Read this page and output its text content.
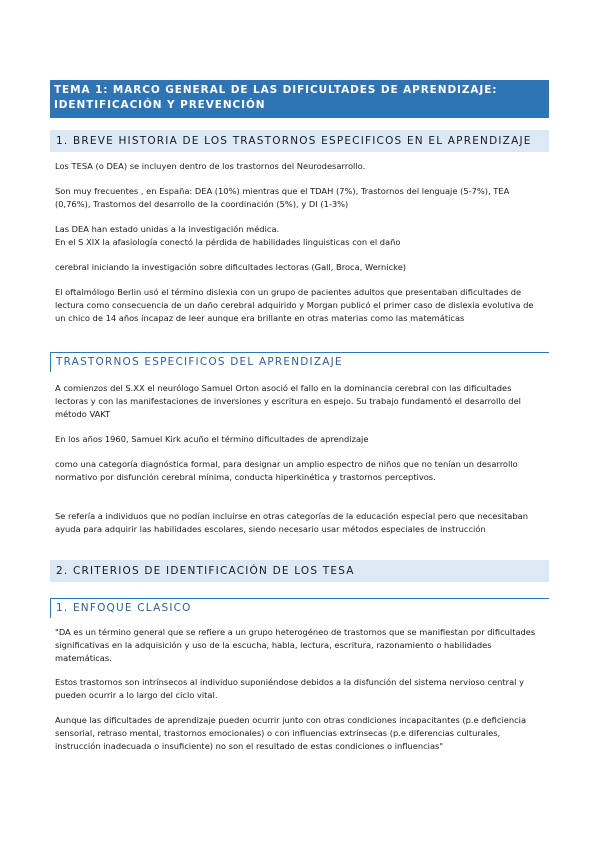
TEMA 1: MARCO GENERAL DE LAS DIFICULTADES DE APRENDIZAJE: IDENTIFICACIÓN Y PREVENCIÓN
1. BREVE HISTORIA DE LOS TRASTORNOS ESPECIFICOS EN EL APRENDIZAJE

Los TESA (o DEA) se incluyen dentro de los trastornos del Neurodesarrollo.

Son muy frecuentes , en España: DEA (10%) mientras que el TDAH (7%), Trastornos del lenguaje (5-7%), TEA (0,76%), Trastornos del desarrollo de la coordinación (5%), y DI (1-3%)

Las DEA han estado unidas a la investigación médica.

En el S XIX la afasiología conectó la pérdida de habilidades linguisticas con el daño

cerebral iniciando la investigación sobre dificultades lectoras (Gall, Broca, Wernicke)

El oftalmólogo Berlin usó el término dislexia con un grupo de pacientes adultos que presentaban dificultades de lectura como consecuencia de un daño cerebral adquirido y Morgan publicó el primer caso de dislexia evolutiva de un chico de 14 años incapaz de leer aunque era brillante en otras materias como las matemáticas

TRASTORNOS ESPECIFICOS DEL APRENDIZAJE

A comienzos del S.XX el neurólogo Samuel Orton asoció el fallo en la dominancia cerebral con las dificultades lectoras y con las manifestaciones de inversiones y escritura en espejo. Su trabajo fundamentó el desarrollo del método VAKT

En los años 1960, Samuel Kirk acuño el término dificultades de aprendizaje

como una categoría diagnóstica formal, para designar un amplio espectro de niños que no tenían un desarrollo normativo por disfunción cerebral mínima, conducta hiperkinética y trastornos perceptivos.

Se refería a individuos que no podían incluirse en otras categorías de la educación especial pero que necesitaban ayuda para adquirir las habilidades escolares, siendo necesario usar métodos especiales de instrucción

2. CRITERIOS DE IDENTIFICACIÓN DE LOS TESA
1. ENFOQUE CLASICO

"DA es un término general que se refiere a un grupo heterogéneo de trastornos que se manifiestan por dificultades significativas en la adquisición y uso de la escucha, habla, lectura, escritura, razonamiento o habilidades matemáticas.

Estos trastornos son intrínsecos al individuo suponiéndose debidos a la disfunción del sistema nervioso central y pueden ocurrir a lo largo del ciclo vital.

Aunque las dificultades de aprendizaje pueden ocurrir junto con otras condiciones incapacitantes (p.e deficiencia sensorial, retraso mental, trastornos emocionales) o con influencias extrínsecas (p.e diferencias culturales, instrucción inadecuada o insuficiente) no son el resultado de estas condiciones o influencias"
